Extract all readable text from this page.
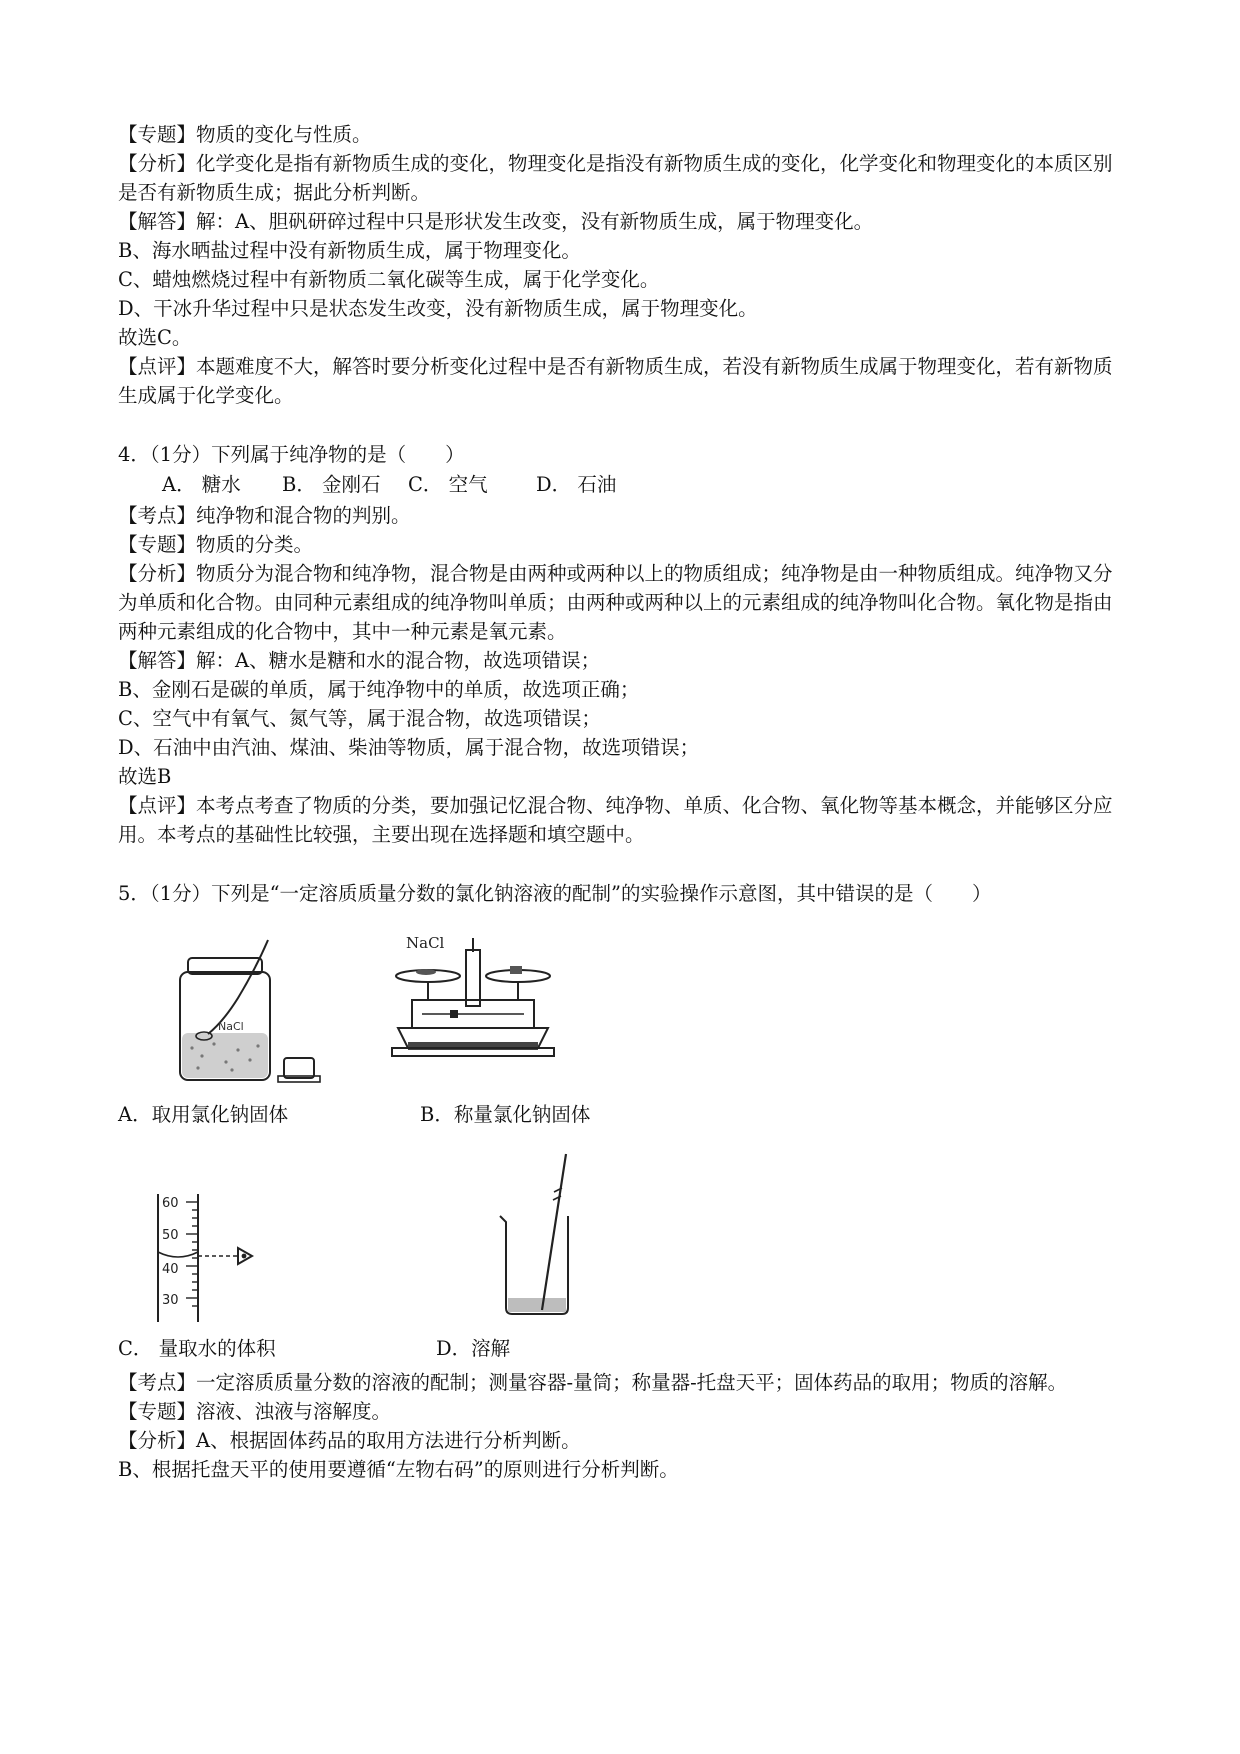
【专题】物质的变化与性质。
【分析】化学变化是指有新物质生成的变化，物理变化是指没有新物质生成的变化，化学变化和物理变化的本质区别是否有新物质生成；据此分析判断。
【解答】解：A、胆矾研碎过程中只是形状发生改变，没有新物质生成，属于物理变化。
B、海水晒盐过程中没有新物质生成，属于物理变化。
C、蜡烛燃烧过程中有新物质二氧化碳等生成，属于化学变化。
D、干冰升华过程中只是状态发生改变，没有新物质生成，属于物理变化。
故选C。
【点评】本题难度不大，解答时要分析变化过程中是否有新物质生成，若没有新物质生成属于物理变化，若有新物质生成属于化学变化。
4．（1分）下列属于纯净物的是（　　）
A． 糖水	B． 金刚石	C． 空气	D． 石油
【考点】纯净物和混合物的判别。
【专题】物质的分类。
【分析】物质分为混合物和纯净物，混合物是由两种或两种以上的物质组成；纯净物是由一种物质组成。纯净物又分为单质和化合物。由同种元素组成的纯净物叫单质；由两种或两种以上的元素组成的纯净物叫化合物。氧化物是指由两种元素组成的化合物中，其中一种元素是氧元素。
【解答】解：A、糖水是糖和水的混合物，故选项错误；
B、金刚石是碳的单质，属于纯净物中的单质，故选项正确；
C、空气中有氧气、氮气等，属于混合物，故选项错误；
D、石油中由汽油、煤油、柴油等物质，属于混合物，故选项错误；
故选B
【点评】本考点考查了物质的分类，要加强记忆混合物、纯净物、单质、化合物、氧化物等基本概念，并能够区分应用。本考点的基础性比较强，主要出现在选择题和填空题中。
5．（1分）下列是“一定溶质质量分数的氯化钠溶液的配制”的实验操作示意图，其中错误的是（　　）
NaCl
NaCl
A．取用氯化钠固体	B．称量氯化钠固体
60
50
40
30
C． 量取水的体积	D．溶解
【考点】一定溶质质量分数的溶液的配制；测量容器-量筒；称量器-托盘天平；固体药品的取用；物质的溶解。
【专题】溶液、浊液与溶解度。
【分析】A、根据固体药品的取用方法进行分析判断。
B、根据托盘天平的使用要遵循“左物右码”的原则进行分析判断。
